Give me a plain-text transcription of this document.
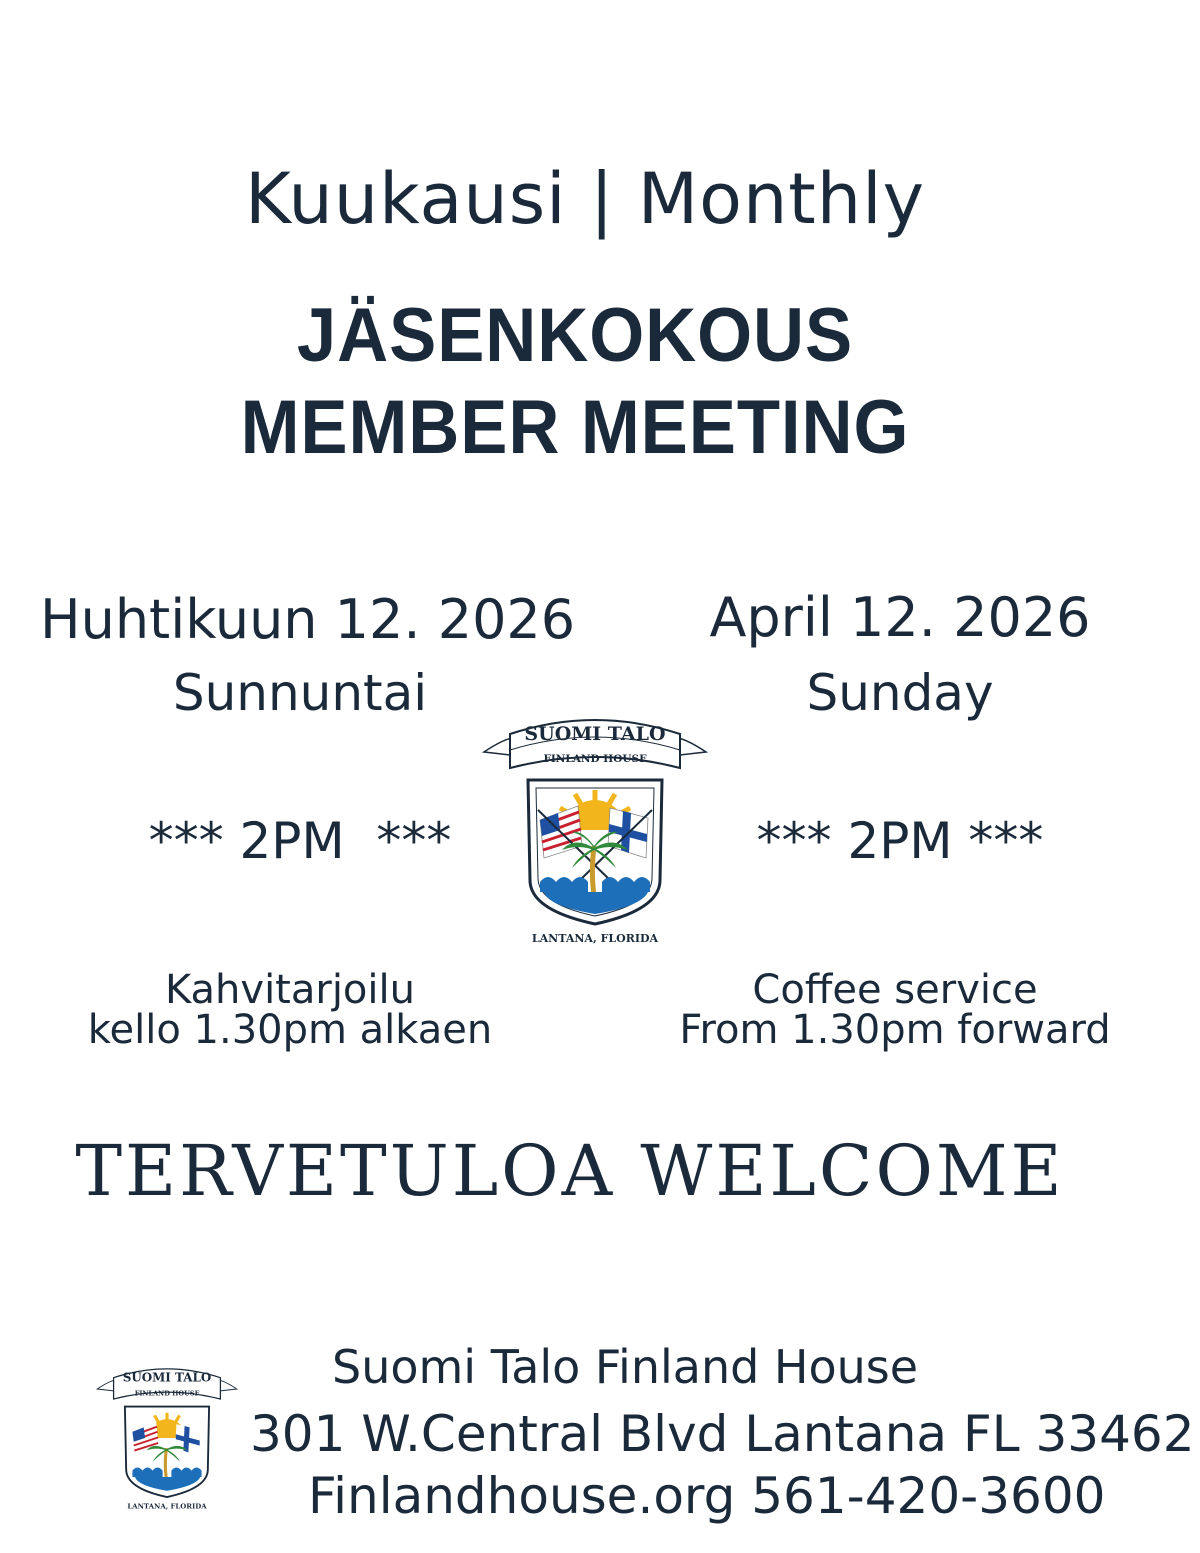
Kuukausi | Monthly
JÄSENKOKOUS
MEMBER MEETING
Huhtikuun 12. 2026
Sunnuntai
*** 2PM  ***
Kahvitarjoilu
kello 1.30pm alkaen
April 12. 2026
Sunday
*** 2PM ***
Coffee service
From 1.30pm forward
SUOMI TALO
FINLAND HOUSF
LANTANA, FLORIDA
TERVETULOA WELCOME
SUOMI TALO
FINLAND HOUSF
LANTANA, FLORIDA
Suomi Talo Finland House
301 W.Central Blvd Lantana FL 33462
Finlandhouse.org 561-420-3600
